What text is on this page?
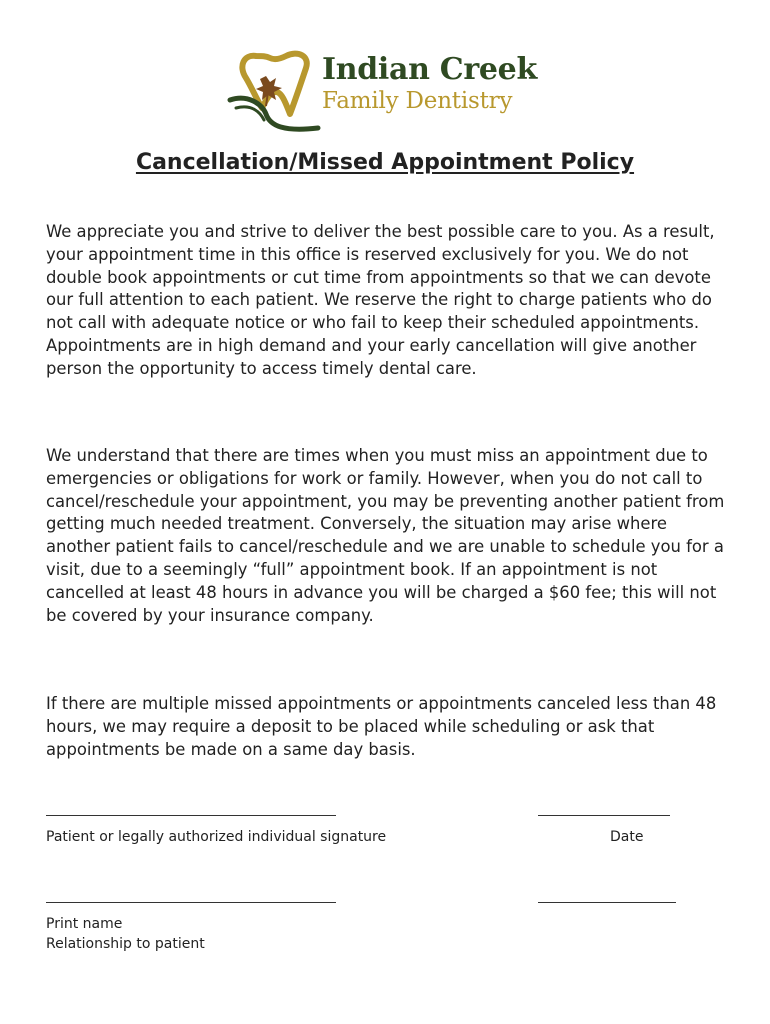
Indian Creek
Family Dentistry
Cancellation/Missed Appointment Policy

We appreciate you and strive to deliver the best possible care to you. As a result, your appointment time in this office is reserved exclusively for you. We do not double book appointments or cut time from appointments so that we can devote our full attention to each patient. We reserve the right to charge patients who do not call with adequate notice or who fail to keep their scheduled appointments. Appointments are in high demand and your early cancellation will give another person the opportunity to access timely dental care.

We understand that there are times when you must miss an appointment due to emergencies or obligations for work or family. However, when you do not call to cancel/reschedule your appointment, you may be preventing another patient from getting much needed treatment. Conversely, the situation may arise where another patient fails to cancel/reschedule and we are unable to schedule you for a visit, due to a seemingly “full” appointment book. If an appointment is not cancelled at least 48 hours in advance you will be charged a $60 fee; this will not be covered by your insurance company.

If there are multiple missed appointments or appointments canceled less than 48 hours, we may require a deposit to be placed while scheduling or ask that appointments be made on a same day basis.

Patient or legally authorized individual signature	Date
Print name
Relationship to patient
